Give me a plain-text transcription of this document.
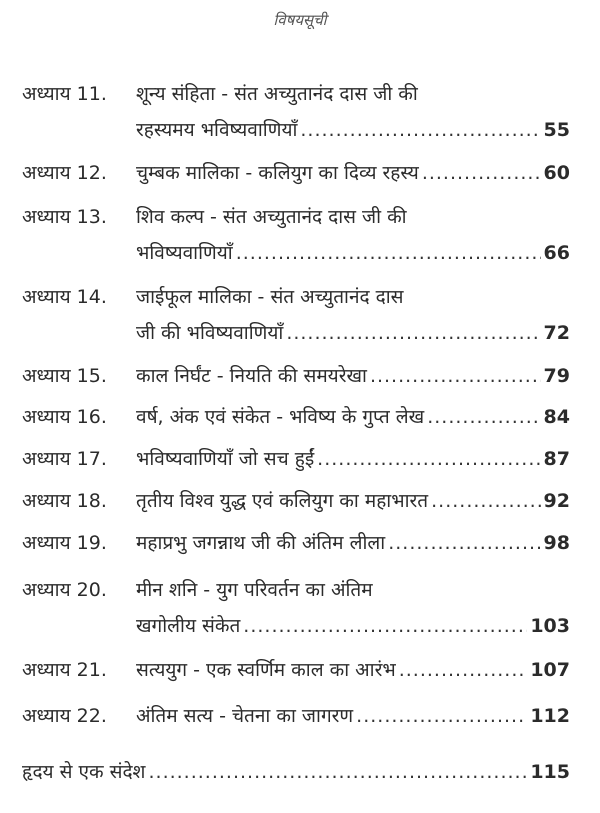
विषयसूची
अध्याय 11. शून्य संहिता - संत अच्युतानंद दास जी की
रहस्यमय भविष्यवाणियाँ .....	55
अध्याय 12. चुम्बक मालिका - कलियुग का दिव्य रहस्य .....	60
अध्याय 13. शिव कल्प - संत अच्युतानंद दास जी की
भविष्यवाणियाँ .....	66
अध्याय 14. जाईफूल मालिका - संत अच्युतानंद दास
जी की भविष्यवाणियाँ .....	72
अध्याय 15. काल निर्घंट - नियति की समयरेखा .....	79
अध्याय 16. वर्ष, अंक एवं संकेत - भविष्य के गुप्त लेख .....	84
अध्याय 17. भविष्यवाणियाँ जो सच हुईं .....	87
अध्याय 18. तृतीय विश्व युद्ध एवं कलियुग का महाभारत .....	92
अध्याय 19. महाप्रभु जगन्नाथ जी की अंतिम लीला .....	98
अध्याय 20. मीन शनि - युग परिवर्तन का अंतिम
खगोलीय संकेत .....	103
अध्याय 21. सत्ययुग - एक स्वर्णिम काल का आरंभ .....	107
अध्याय 22. अंतिम सत्य - चेतना का जागरण .....	112
हृदय से एक संदेश .....	115
